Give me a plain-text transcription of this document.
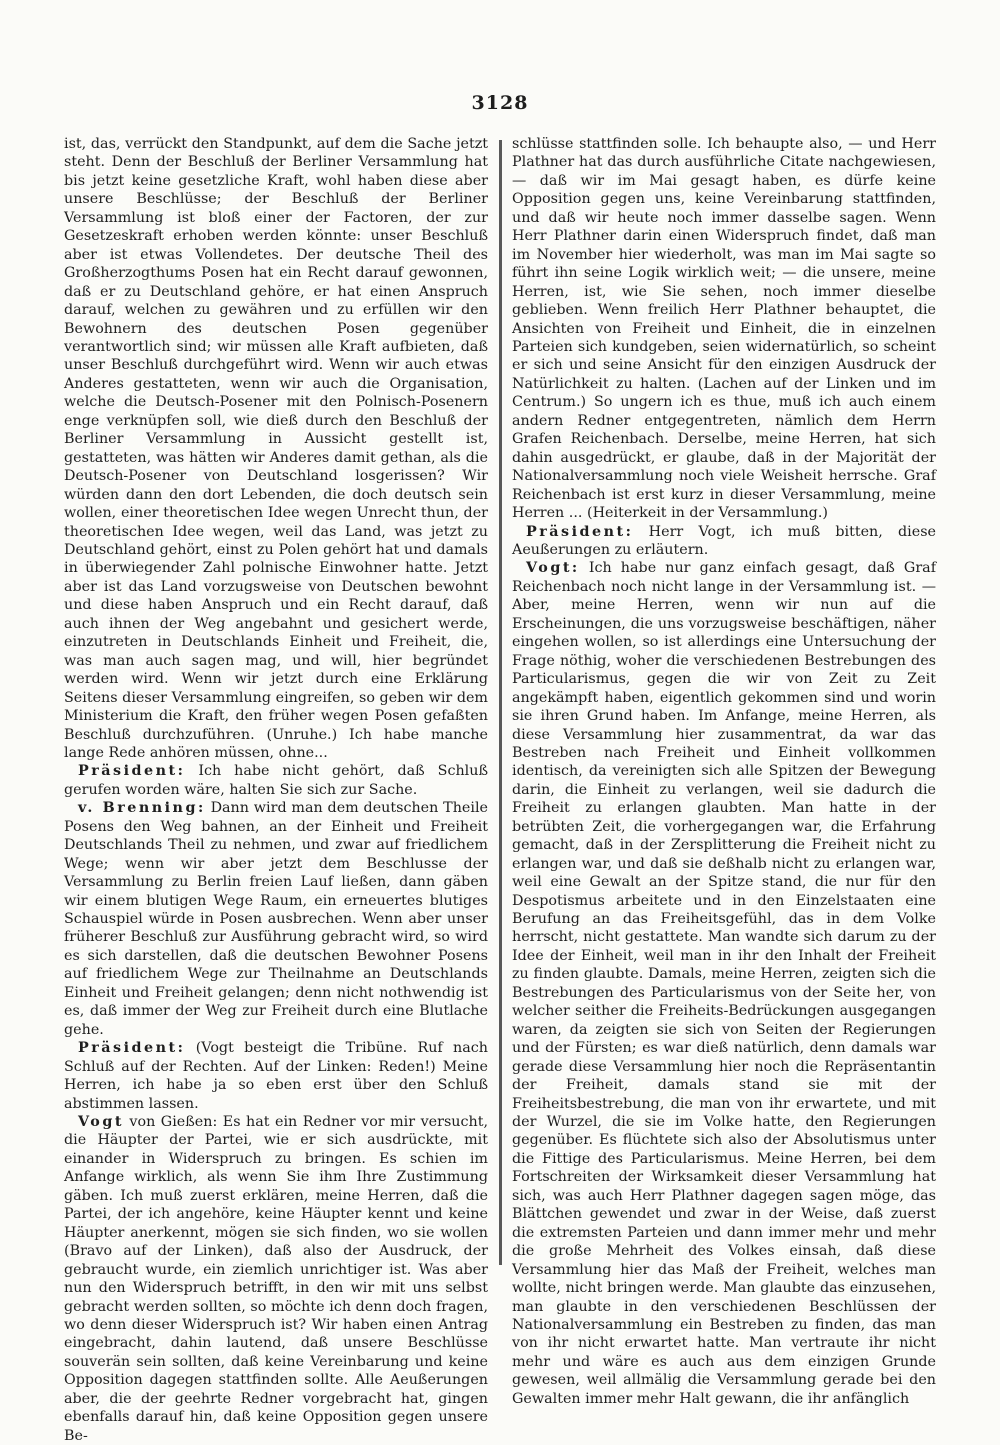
3128

ist, das, verrückt den Standpunkt, auf dem die Sache jetzt steht. Denn der Beschluß der Berliner Versammlung hat bis jetzt keine gesetzliche Kraft, wohl haben diese aber unsere Beschlüsse; der Beschluß der Berliner Versammlung ist bloß einer der Factoren, der zur Gesetzeskraft erhoben werden könnte: unser Beschluß aber ist etwas Vollendetes. Der deutsche Theil des Großherzogthums Posen hat ein Recht darauf gewonnen, daß er zu Deutschland gehöre, er hat einen Anspruch darauf, welchen zu gewähren und zu erfüllen wir den Bewohnern des deutschen Posen gegenüber verantwortlich sind; wir müssen alle Kraft aufbieten, daß unser Beschluß durchgeführt wird. Wenn wir auch etwas Anderes gestatteten, wenn wir auch die Organisation, welche die Deutsch-Posener mit den Polnisch-Posenern enge verknüpfen soll, wie dieß durch den Beschluß der Berliner Versammlung in Aussicht gestellt ist, gestatteten, was hätten wir Anderes damit gethan, als die Deutsch-Posener von Deutschland losgerissen? Wir würden dann den dort Lebenden, die doch deutsch sein wollen, einer theoretischen Idee wegen Unrecht thun, der theoretischen Idee wegen, weil das Land, was jetzt zu Deutschland gehört, einst zu Polen gehört hat und damals in überwiegender Zahl polnische Einwohner hatte. Jetzt aber ist das Land vorzugsweise von Deutschen bewohnt und diese haben Anspruch und ein Recht darauf, daß auch ihnen der Weg angebahnt und gesichert werde, einzutreten in Deutschlands Einheit und Freiheit, die, was man auch sagen mag, und will, hier begründet werden wird. Wenn wir jetzt durch eine Erklärung Seitens dieser Versammlung eingreifen, so geben wir dem Ministerium die Kraft, den früher wegen Posen gefaßten Beschluß durchzuführen. (Unruhe.) Ich habe manche lange Rede anhören müssen, ohne...

Präsident: Ich habe nicht gehört, daß Schluß gerufen worden wäre, halten Sie sich zur Sache.

v. Brenning: Dann wird man dem deutschen Theile Posens den Weg bahnen, an der Einheit und Freiheit Deutschlands Theil zu nehmen, und zwar auf friedlichem Wege; wenn wir aber jetzt dem Beschlusse der Versammlung zu Berlin freien Lauf ließen, dann gäben wir einem blutigen Wege Raum, ein erneuertes blutiges Schauspiel würde in Posen ausbrechen. Wenn aber unser früherer Beschluß zur Ausführung gebracht wird, so wird es sich darstellen, daß die deutschen Bewohner Posens auf friedlichem Wege zur Theilnahme an Deutschlands Einheit und Freiheit gelangen; denn nicht nothwendig ist es, daß immer der Weg zur Freiheit durch eine Blutlache gehe.

Präsident: (Vogt besteigt die Tribüne. Ruf nach Schluß auf der Rechten. Auf der Linken: Reden!) Meine Herren, ich habe ja so eben erst über den Schluß abstimmen lassen.

Vogt von Gießen: Es hat ein Redner vor mir versucht, die Häupter der Partei, wie er sich ausdrückte, mit einander in Widerspruch zu bringen. Es schien im Anfange wirklich, als wenn Sie ihm Ihre Zustimmung gäben. Ich muß zuerst erklären, meine Herren, daß die Partei, der ich angehöre, keine Häupter kennt und keine Häupter anerkennt, mögen sie sich finden, wo sie wollen (Bravo auf der Linken), daß also der Ausdruck, der gebraucht wurde, ein ziemlich unrichtiger ist. Was aber nun den Widerspruch betrifft, in den wir mit uns selbst gebracht werden sollten, so möchte ich denn doch fragen, wo denn dieser Widerspruch ist? Wir haben einen Antrag eingebracht, dahin lautend, daß unsere Beschlüsse souverän sein sollten, daß keine Vereinbarung und keine Opposition dagegen stattfinden sollte. Alle Aeußerungen aber, die der geehrte Redner vorgebracht hat, gingen ebenfalls darauf hin, daß keine Opposition gegen unsere Be-

schlüsse stattfinden solle. Ich behaupte also, — und Herr Plathner hat das durch ausführliche Citate nachgewiesen, — daß wir im Mai gesagt haben, es dürfe keine Opposition gegen uns, keine Vereinbarung stattfinden, und daß wir heute noch immer dasselbe sagen. Wenn Herr Plathner darin einen Widerspruch findet, daß man im November hier wiederholt, was man im Mai sagte so führt ihn seine Logik wirklich weit; — die unsere, meine Herren, ist, wie Sie sehen, noch immer dieselbe geblieben. Wenn freilich Herr Plathner behauptet, die Ansichten von Freiheit und Einheit, die in einzelnen Parteien sich kundgeben, seien widernatürlich, so scheint er sich und seine Ansicht für den einzigen Ausdruck der Natürlichkeit zu halten. (Lachen auf der Linken und im Centrum.) So ungern ich es thue, muß ich auch einem andern Redner entgegentreten, nämlich dem Herrn Grafen Reichenbach. Derselbe, meine Herren, hat sich dahin ausgedrückt, er glaube, daß in der Majorität der Nationalversammlung noch viele Weisheit herrsche. Graf Reichenbach ist erst kurz in dieser Versammlung, meine Herren ... (Heiterkeit in der Versammlung.)

Präsident: Herr Vogt, ich muß bitten, diese Aeußerungen zu erläutern.

Vogt: Ich habe nur ganz einfach gesagt, daß Graf Reichenbach noch nicht lange in der Versammlung ist. — Aber, meine Herren, wenn wir nun auf die Erscheinungen, die uns vorzugsweise beschäftigen, näher eingehen wollen, so ist allerdings eine Untersuchung der Frage nöthig, woher die verschiedenen Bestrebungen des Particularismus, gegen die wir von Zeit zu Zeit angekämpft haben, eigentlich gekommen sind und worin sie ihren Grund haben. Im Anfange, meine Herren, als diese Versammlung hier zusammentrat, da war das Bestreben nach Freiheit und Einheit vollkommen identisch, da vereinigten sich alle Spitzen der Bewegung darin, die Einheit zu verlangen, weil sie dadurch die Freiheit zu erlangen glaubten. Man hatte in der betrübten Zeit, die vorhergegangen war, die Erfahrung gemacht, daß in der Zersplitterung die Freiheit nicht zu erlangen war, und daß sie deßhalb nicht zu erlangen war, weil eine Gewalt an der Spitze stand, die nur für den Despotismus arbeitete und in den Einzelstaaten eine Berufung an das Freiheitsgefühl, das in dem Volke herrscht, nicht gestattete. Man wandte sich darum zu der Idee der Einheit, weil man in ihr den Inhalt der Freiheit zu finden glaubte. Damals, meine Herren, zeigten sich die Bestrebungen des Particularismus von der Seite her, von welcher seither die Freiheits-Bedrückungen ausgegangen waren, da zeigten sie sich von Seiten der Regierungen und der Fürsten; es war dieß natürlich, denn damals war gerade diese Versammlung hier noch die Repräsentantin der Freiheit, damals stand sie mit der Freiheitsbestrebung, die man von ihr erwartete, und mit der Wurzel, die sie im Volke hatte, den Regierungen gegenüber. Es flüchtete sich also der Absolutismus unter die Fittige des Particularismus. Meine Herren, bei dem Fortschreiten der Wirksamkeit dieser Versammlung hat sich, was auch Herr Plathner dagegen sagen möge, das Blättchen gewendet und zwar in der Weise, daß zuerst die extremsten Parteien und dann immer mehr und mehr die große Mehrheit des Volkes einsah, daß diese Versammlung hier das Maß der Freiheit, welches man wollte, nicht bringen werde. Man glaubte das einzusehen, man glaubte in den verschiedenen Beschlüssen der Nationalversammlung ein Bestreben zu finden, das man von ihr nicht erwartet hatte. Man vertraute ihr nicht mehr und wäre es auch aus dem einzigen Grunde gewesen, weil allmälig die Versammlung gerade bei den Gewalten immer mehr Halt gewann, die ihr anfänglich
